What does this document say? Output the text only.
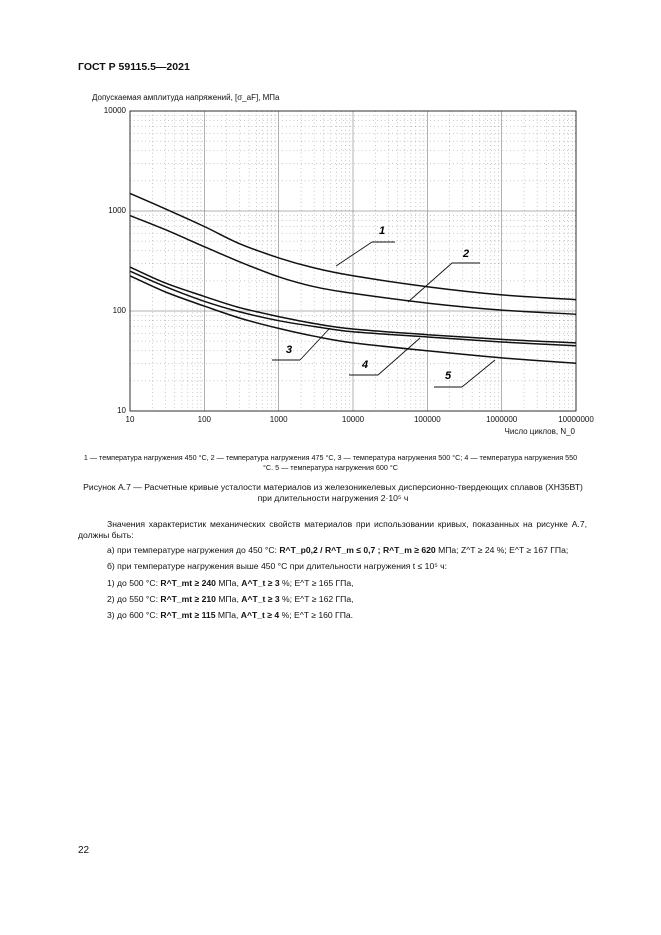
ГОСТ Р 59115.5—2021
Допускаемая амплитуда напряжений, [σ_aF], МПа
1
2
3
4
5
10
100
1000
10000
10	100	1000	10000	100000	1000000	10000000
Число циклов, N_0
1 — температура нагружения 450 °С, 2 — температура нагружения 475 °С, 3 — температура нагружения 500 °С; 4 — температура нагружения 550 °С. 5 — температура нагружения 600 °С
Рисунок А.7 — Расчетные кривые усталости материалов из железоникелевых дисперсионно-твердеющих сплавов (ХН35ВТ) при длительности нагружения 2·10⁵ ч
Значения характеристик механических свойств материалов при использовании кривых, показанных на рисунке А.7, должны быть:
а) при температуре нагружения до 450 °С: R^T_p0,2 / R^T_m ≤ 0,7 ; R^T_m ≥ 620 МПа; Z^T ≥ 24 %; E^T ≥ 167 ГПа;
б) при температуре нагружения выше 450 °С при длительности нагружения t ≤ 10⁵ ч:
1) до 500 °С: R^T_mt ≥ 240 МПа, A^T_t ≥ 3 %; E^T ≥ 165 ГПа,
2) до 550 °С: R^T_mt ≥ 210 МПа, A^T_t ≥ 3 %; E^T ≥ 162 ГПа,
3) до 600 °С: R^T_mt ≥ 115 МПа, A^T_t ≥ 4 %; E^T ≥ 160 ГПа.
22
